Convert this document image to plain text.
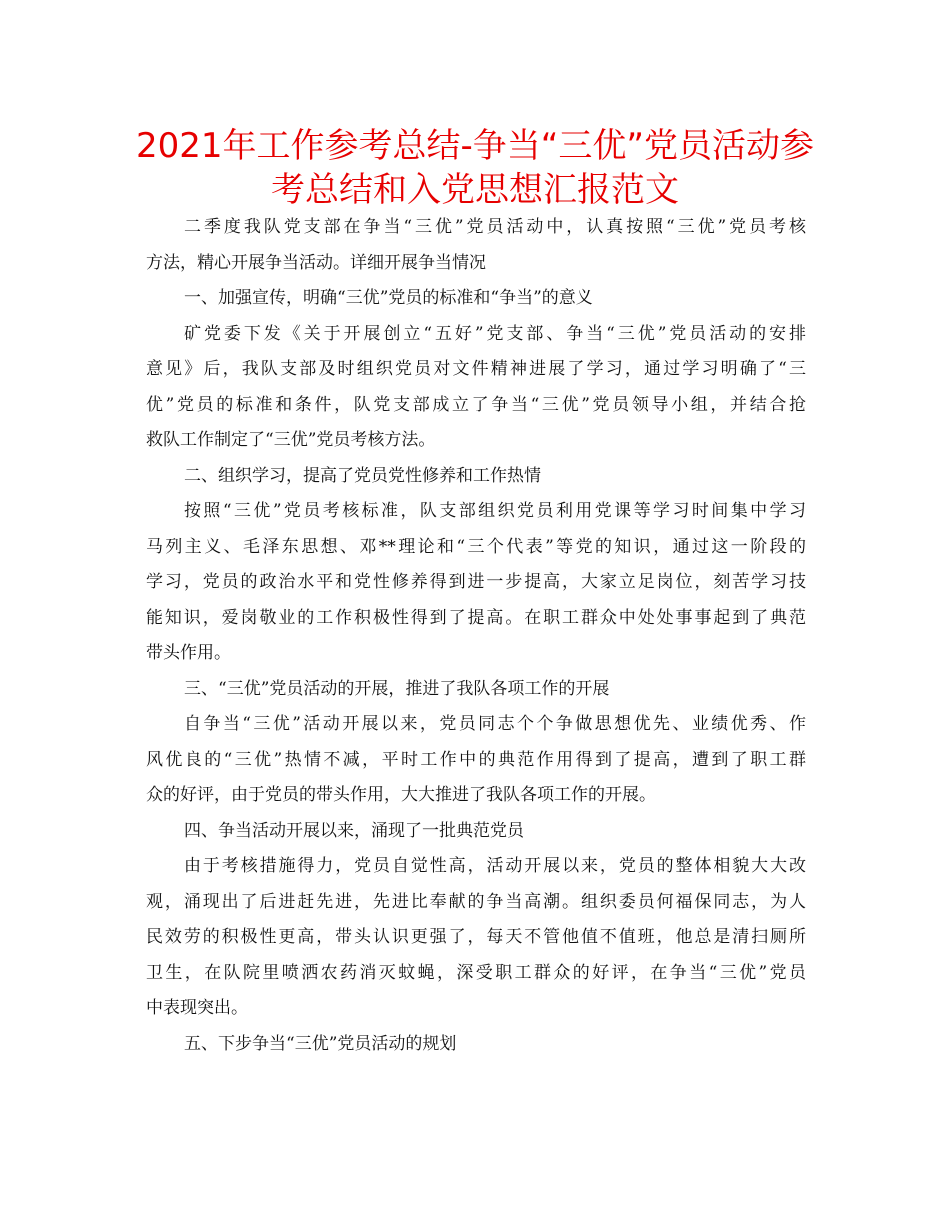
2021年工作参考总结-争当“三优”党员活动参
考总结和入党思想汇报范文
二季度我队党支部在争当“三优”党员活动中，认真按照“三优”党员考核
方法，精心开展争当活动。详细开展争当情况
一、加强宣传，明确“三优”党员的标准和“争当”的意义
矿党委下发《关于开展创立“五好”党支部、争当“三优”党员活动的安排
意见》后，我队支部及时组织党员对文件精神进展了学习，通过学习明确了“三
优”党员的标准和条件，队党支部成立了争当“三优”党员领导小组，并结合抢
救队工作制定了“三优”党员考核方法。
二、组织学习，提高了党员党性修养和工作热情
按照“三优”党员考核标准，队支部组织党员利用党课等学习时间集中学习
马列主义、毛泽东思想、邓**理论和“三个代表”等党的知识，通过这一阶段的
学习，党员的政治水平和党性修养得到进一步提高，大家立足岗位，刻苦学习技
能知识，爱岗敬业的工作积极性得到了提高。在职工群众中处处事事起到了典范
带头作用。
三、“三优”党员活动的开展，推进了我队各项工作的开展
自争当“三优”活动开展以来，党员同志个个争做思想优先、业绩优秀、作
风优良的“三优”热情不减，平时工作中的典范作用得到了提高，遭到了职工群
众的好评，由于党员的带头作用，大大推进了我队各项工作的开展。
四、争当活动开展以来，涌现了一批典范党员
由于考核措施得力，党员自觉性高，活动开展以来，党员的整体相貌大大改
观，涌现出了后进赶先进，先进比奉献的争当高潮。组织委员何福保同志，为人
民效劳的积极性更高，带头认识更强了，每天不管他值不值班，他总是清扫厕所
卫生，在队院里喷洒农药消灭蚊蝇，深受职工群众的好评，在争当“三优”党员
中表现突出。
五、下步争当“三优”党员活动的规划
